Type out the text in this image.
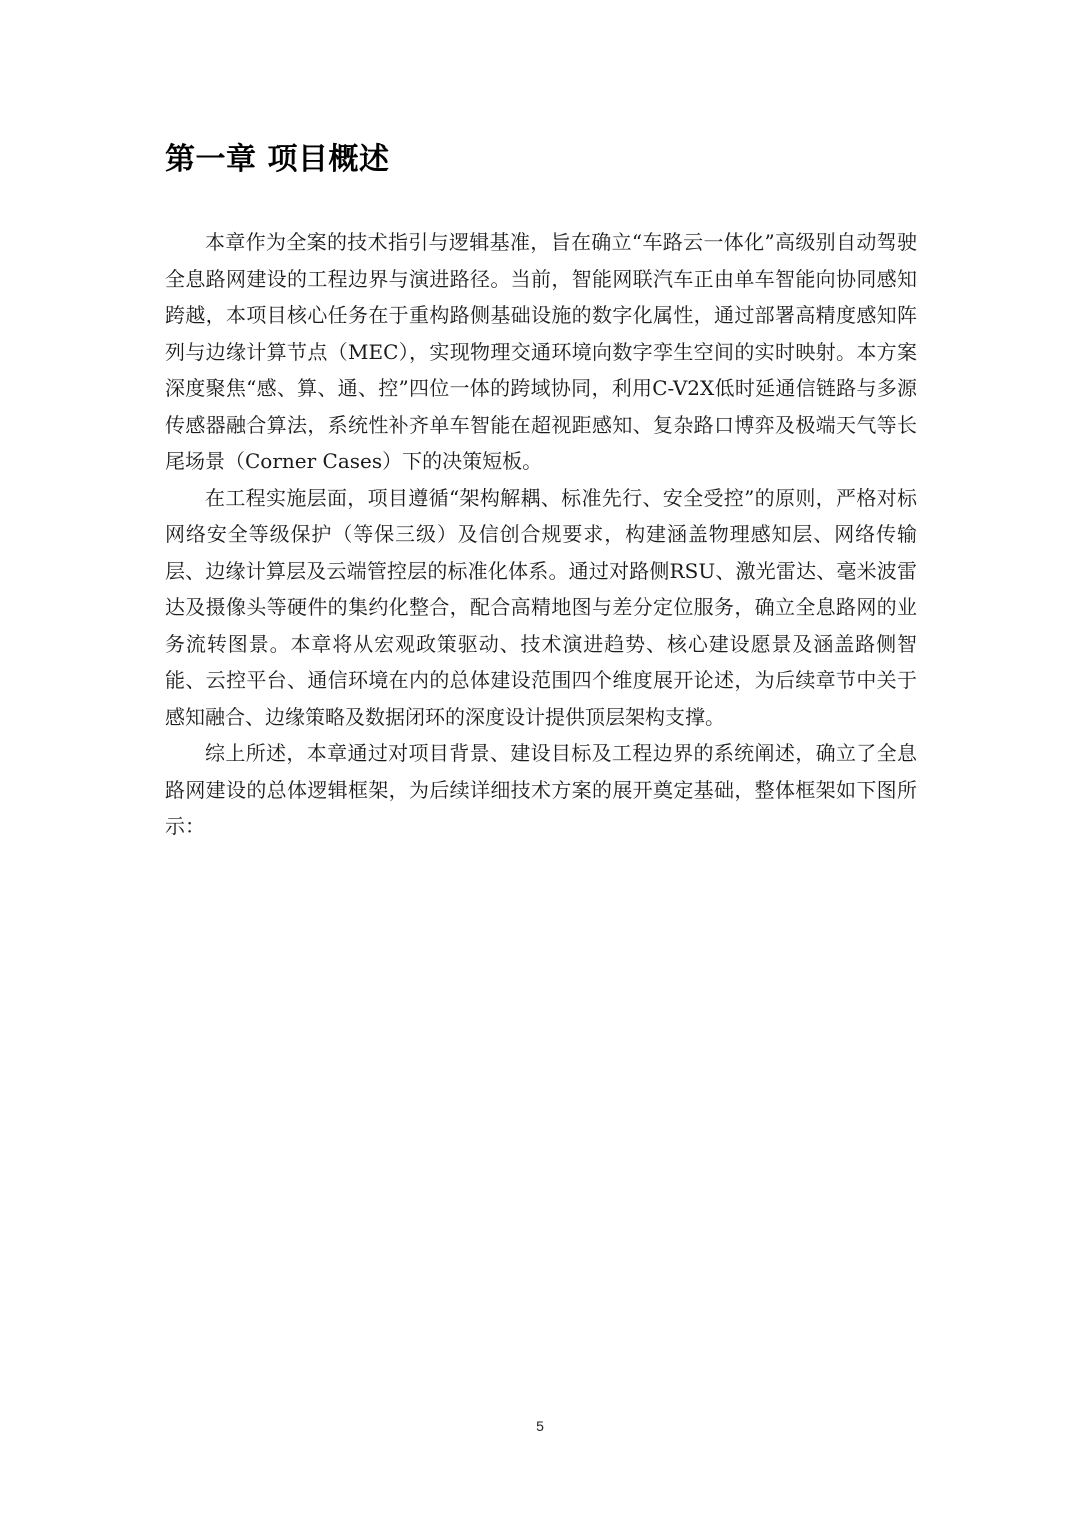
第一章 项目概述

本章作为全案的技术指引与逻辑基准，旨在确立“车路云一体化”高级别自动驾驶全息路网建设的工程边界与演进路径。当前，智能网联汽车正由单车智能向协同感知跨越，本项目核心任务在于重构路侧基础设施的数字化属性，通过部署高精度感知阵列与边缘计算节点（MEC），实现物理交通环境向数字孪生空间的实时映射。本方案深度聚焦“感、算、通、控”四位一体的跨域协同，利用C-V2X低时延通信链路与多源传感器融合算法，系统性补齐单车智能在超视距感知、复杂路口博弈及极端天气等长尾场景（Corner Cases）下的决策短板。

在工程实施层面，项目遵循“架构解耦、标准先行、安全受控”的原则，严格对标网络安全等级保护（等保三级）及信创合规要求，构建涵盖物理感知层、网络传输层、边缘计算层及云端管控层的标准化体系。通过对路侧RSU、激光雷达、毫米波雷达及摄像头等硬件的集约化整合，配合高精地图与差分定位服务，确立全息路网的业务流转图景。本章将从宏观政策驱动、技术演进趋势、核心建设愿景及涵盖路侧智能、云控平台、通信环境在内的总体建设范围四个维度展开论述，为后续章节中关于感知融合、边缘策略及数据闭环的深度设计提供顶层架构支撑。

综上所述，本章通过对项目背景、建设目标及工程边界的系统阐述，确立了全息路网建设的总体逻辑框架，为后续详细技术方案的展开奠定基础，整体框架如下图所示：

5
